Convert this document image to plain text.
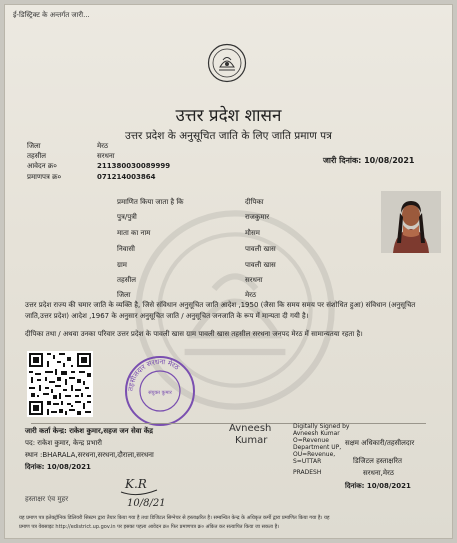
ई-डिस्ट्रिक्ट के अन्तर्गत जारी...
उत्तर प्रदेश शासन
उत्तर प्रदेश के अनुसूचित जाति के लिए जाति प्रमाण पत्र
जिला	मेरठ
तहसील	सरधना
आवेदन क्र०	211380030089999
प्रमाणपत्र क्र०	071214003864
जारी दिनांक: 10/08/2021
प्रमाणित किया जाता है कि	दीपिका
पुत्र/पुत्री	राजकुमार
माता का नाम	मौसम
निवासी	पावली खास
ग्राम	पावली खास
तहसील	सरधना
जिला	मेरठ
उत्तर प्रदेश राज्य की चमार जाति के व्यक्ति है, जिसे संविधान अनुसूचित जाति आदेश ,1950 (जैसा कि समय समय पर संशोधित हुआ) संविधान (अनुसूचित जाति,उत्तर प्रदेश) आदेश ,1967 के अनुसार अनुसूचित जाति / अनुसूचित जनजाति के रूप में मान्यता दी गयी है।
दीपिका तथा / अथवा उनका परिवार उत्तर प्रदेश के पावली खास ग्राम पावली खास तहसील सरधना जनपद मेरठ में सामान्यतया रहता है।
तहसीलदार सरधना मेरठ
संयुक्त कुमार
जारी कर्ता केन्द्र: राकेश कुमार,सहज जन सेवा केंद्र
पद: राकेश कुमार, केन्द्र प्रभारी
स्थान :BHARALA,सरधना,सरधना,दौराला,सरधना
दिनांक: 10/08/2021
हस्ताक्षर एंव मुहर
K.R
10/8/21
Avneesh
Kumar
Digitally Signed by
Avneesh Kumar
O=Revenue
Department UP,
OU=Revenue,
S=UTTAR
PRADESH
सक्षम अधिकारी/तहसीलदार
डिजिटल हस्ताक्षरित
सरधना,मेरठ
दिनांक: 10/08/2021
यह प्रमाण पत्र इलेक्ट्रॉनिक डिलिवरी सिस्टम द्वारा तैयार किया गया है तथा डिजिटल सिग्नेचर से हस्ताक्षरित है। सम्बन्धित केन्द्र के अधिकृत कर्मी द्वारा प्रमाणित किया गया है। यह
प्रमाण पत्र वेबसाइट http://edistrict.up.gov.in पर इसका पहला आवेदन क्र० फिर प्रमाणपत्र क्र० अंकित कर सत्यापित किया जा सकता है।
